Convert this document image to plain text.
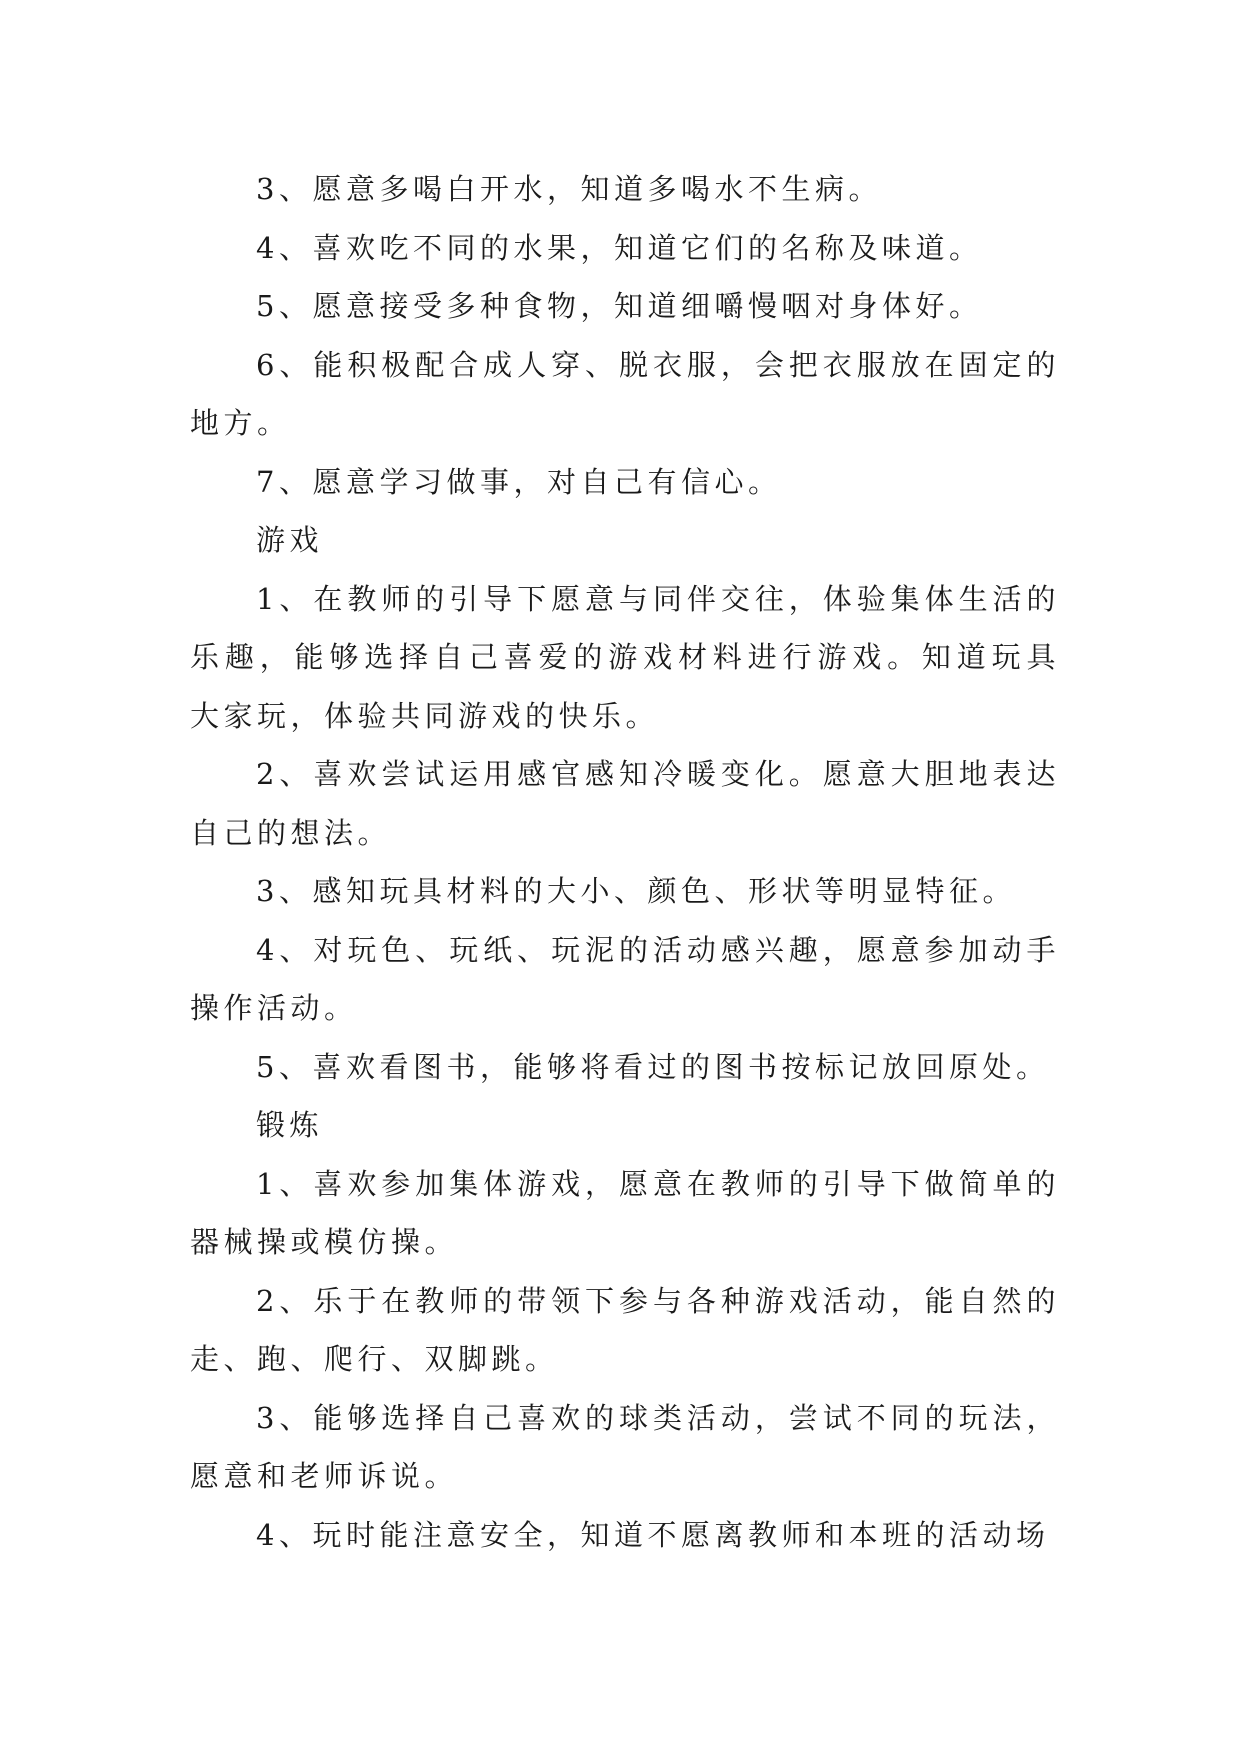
3、愿意多喝白开水，知道多喝水不生病。

4、喜欢吃不同的水果，知道它们的名称及味道。

5、愿意接受多种食物，知道细嚼慢咽对身体好。

6、能积极配合成人穿、脱衣服，会把衣服放在固定的地方。

7、愿意学习做事，对自己有信心。

游戏

1、在教师的引导下愿意与同伴交往，体验集体生活的乐趣，能够选择自己喜爱的游戏材料进行游戏。知道玩具大家玩，体验共同游戏的快乐。

2、喜欢尝试运用感官感知冷暖变化。愿意大胆地表达自己的想法。

3、感知玩具材料的大小、颜色、形状等明显特征。

4、对玩色、玩纸、玩泥的活动感兴趣，愿意参加动手操作活动。

5、喜欢看图书，能够将看过的图书按标记放回原处。

锻炼

1、喜欢参加集体游戏，愿意在教师的引导下做简单的器械操或模仿操。

2、乐于在教师的带领下参与各种游戏活动，能自然的走、跑、爬行、双脚跳。

3、能够选择自己喜欢的球类活动，尝试不同的玩法，愿意和老师诉说。

4、玩时能注意安全，知道不愿离教师和本班的活动场
